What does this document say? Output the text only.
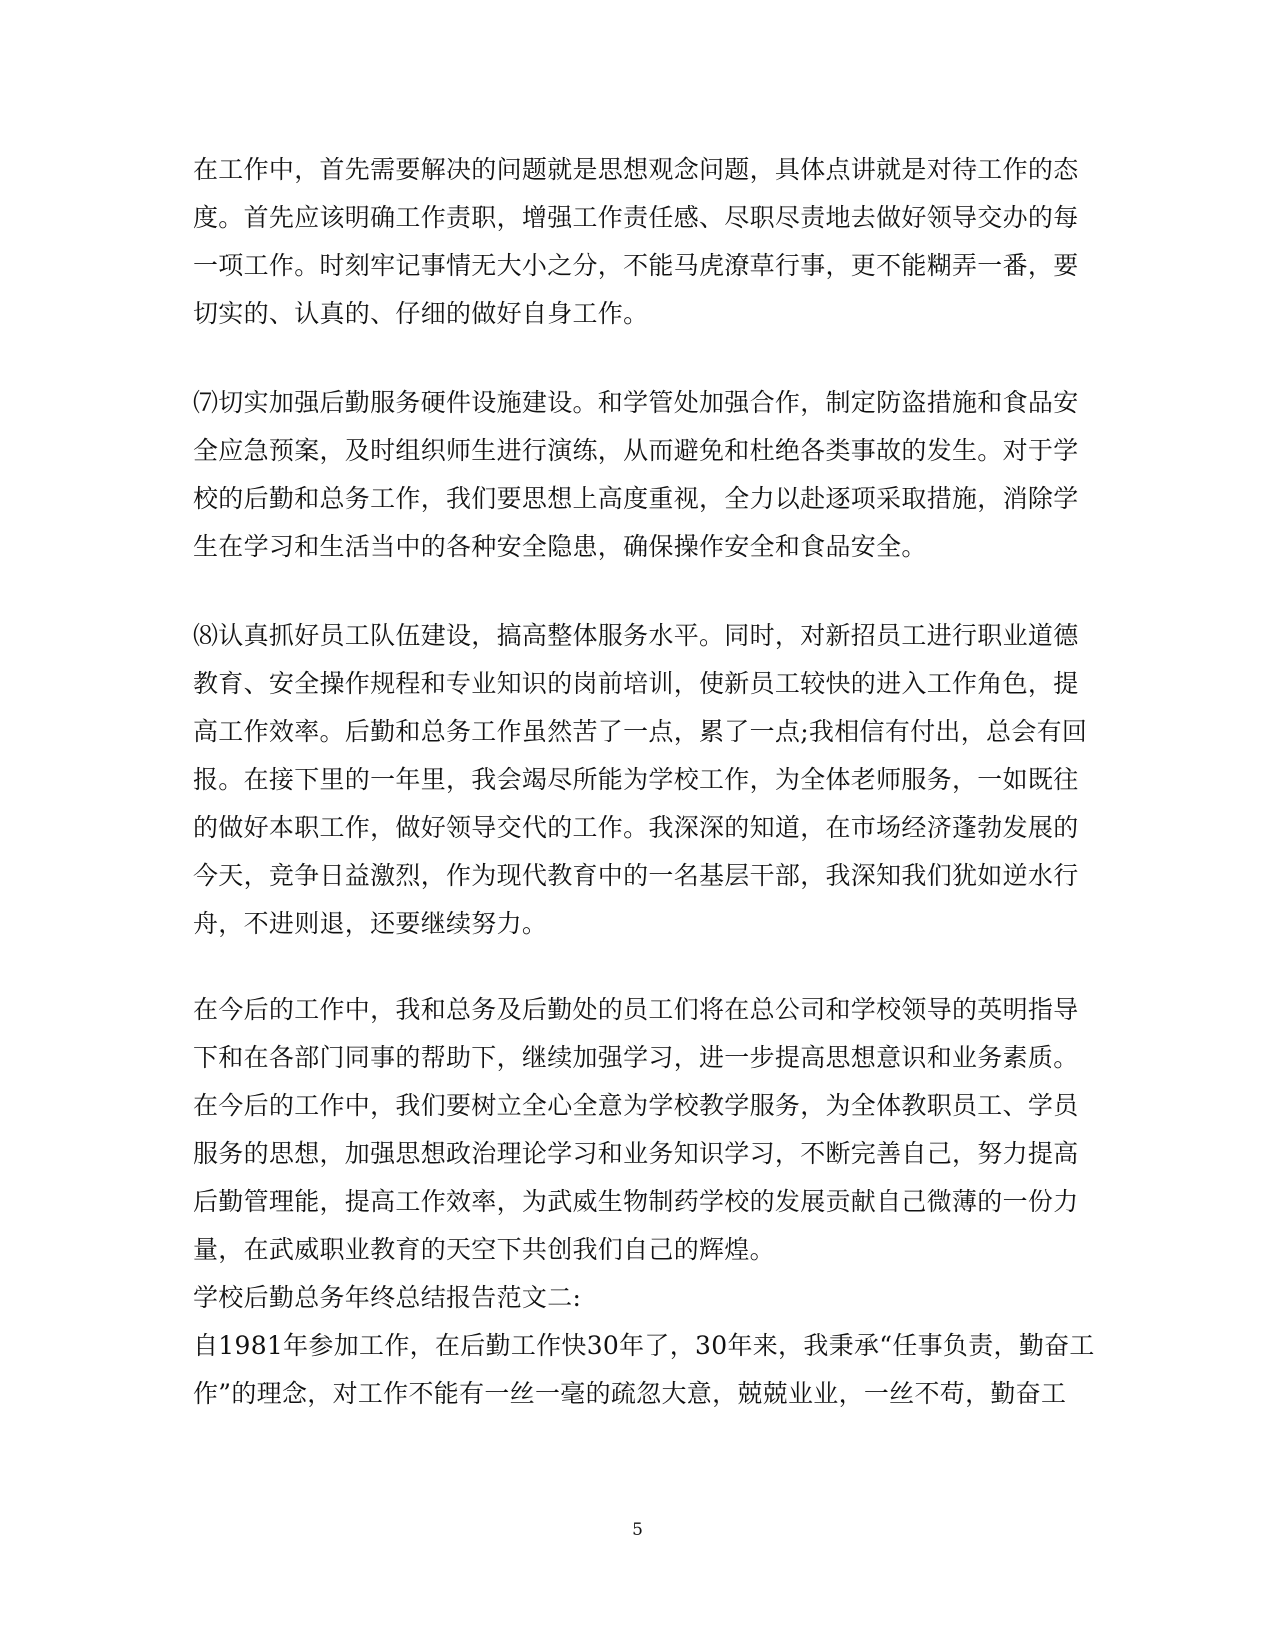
在工作中，首先需要解决的问题就是思想观念问题，具体点讲就是对待工作的态
度。首先应该明确工作责职，增强工作责任感、尽职尽责地去做好领导交办的每
一项工作。时刻牢记事情无大小之分，不能马虎潦草行事，更不能糊弄一番，要
切实的、认真的、仔细的做好自身工作。
⑺切实加强后勤服务硬件设施建设。和学管处加强合作，制定防盗措施和食品安
全应急预案，及时组织师生进行演练，从而避免和杜绝各类事故的发生。对于学
校的后勤和总务工作，我们要思想上高度重视，全力以赴逐项采取措施，消除学
生在学习和生活当中的各种安全隐患，确保操作安全和食品安全。
⑻认真抓好员工队伍建设，搞高整体服务水平。同时，对新招员工进行职业道德
教育、安全操作规程和专业知识的岗前培训，使新员工较快的进入工作角色，提
高工作效率。后勤和总务工作虽然苦了一点，累了一点;我相信有付出，总会有回
报。在接下里的一年里，我会竭尽所能为学校工作，为全体老师服务，一如既往
的做好本职工作，做好领导交代的工作。我深深的知道，在市场经济蓬勃发展的
今天，竞争日益激烈，作为现代教育中的一名基层干部，我深知我们犹如逆水行
舟，不进则退，还要继续努力。
在今后的工作中，我和总务及后勤处的员工们将在总公司和学校领导的英明指导
下和在各部门同事的帮助下，继续加强学习，进一步提高思想意识和业务素质。
在今后的工作中，我们要树立全心全意为学校教学服务，为全体教职员工、学员
服务的思想，加强思想政治理论学习和业务知识学习，不断完善自己，努力提高
后勤管理能，提高工作效率，为武威生物制药学校的发展贡献自己微薄的一份力
量，在武威职业教育的天空下共创我们自己的辉煌。
学校后勤总务年终总结报告范文二:
自1981年参加工作，在后勤工作快30年了，30年来，我秉承“任事负责，勤奋工
作”的理念，对工作不能有一丝一毫的疏忽大意，兢兢业业，一丝不苟，勤奋工
5
